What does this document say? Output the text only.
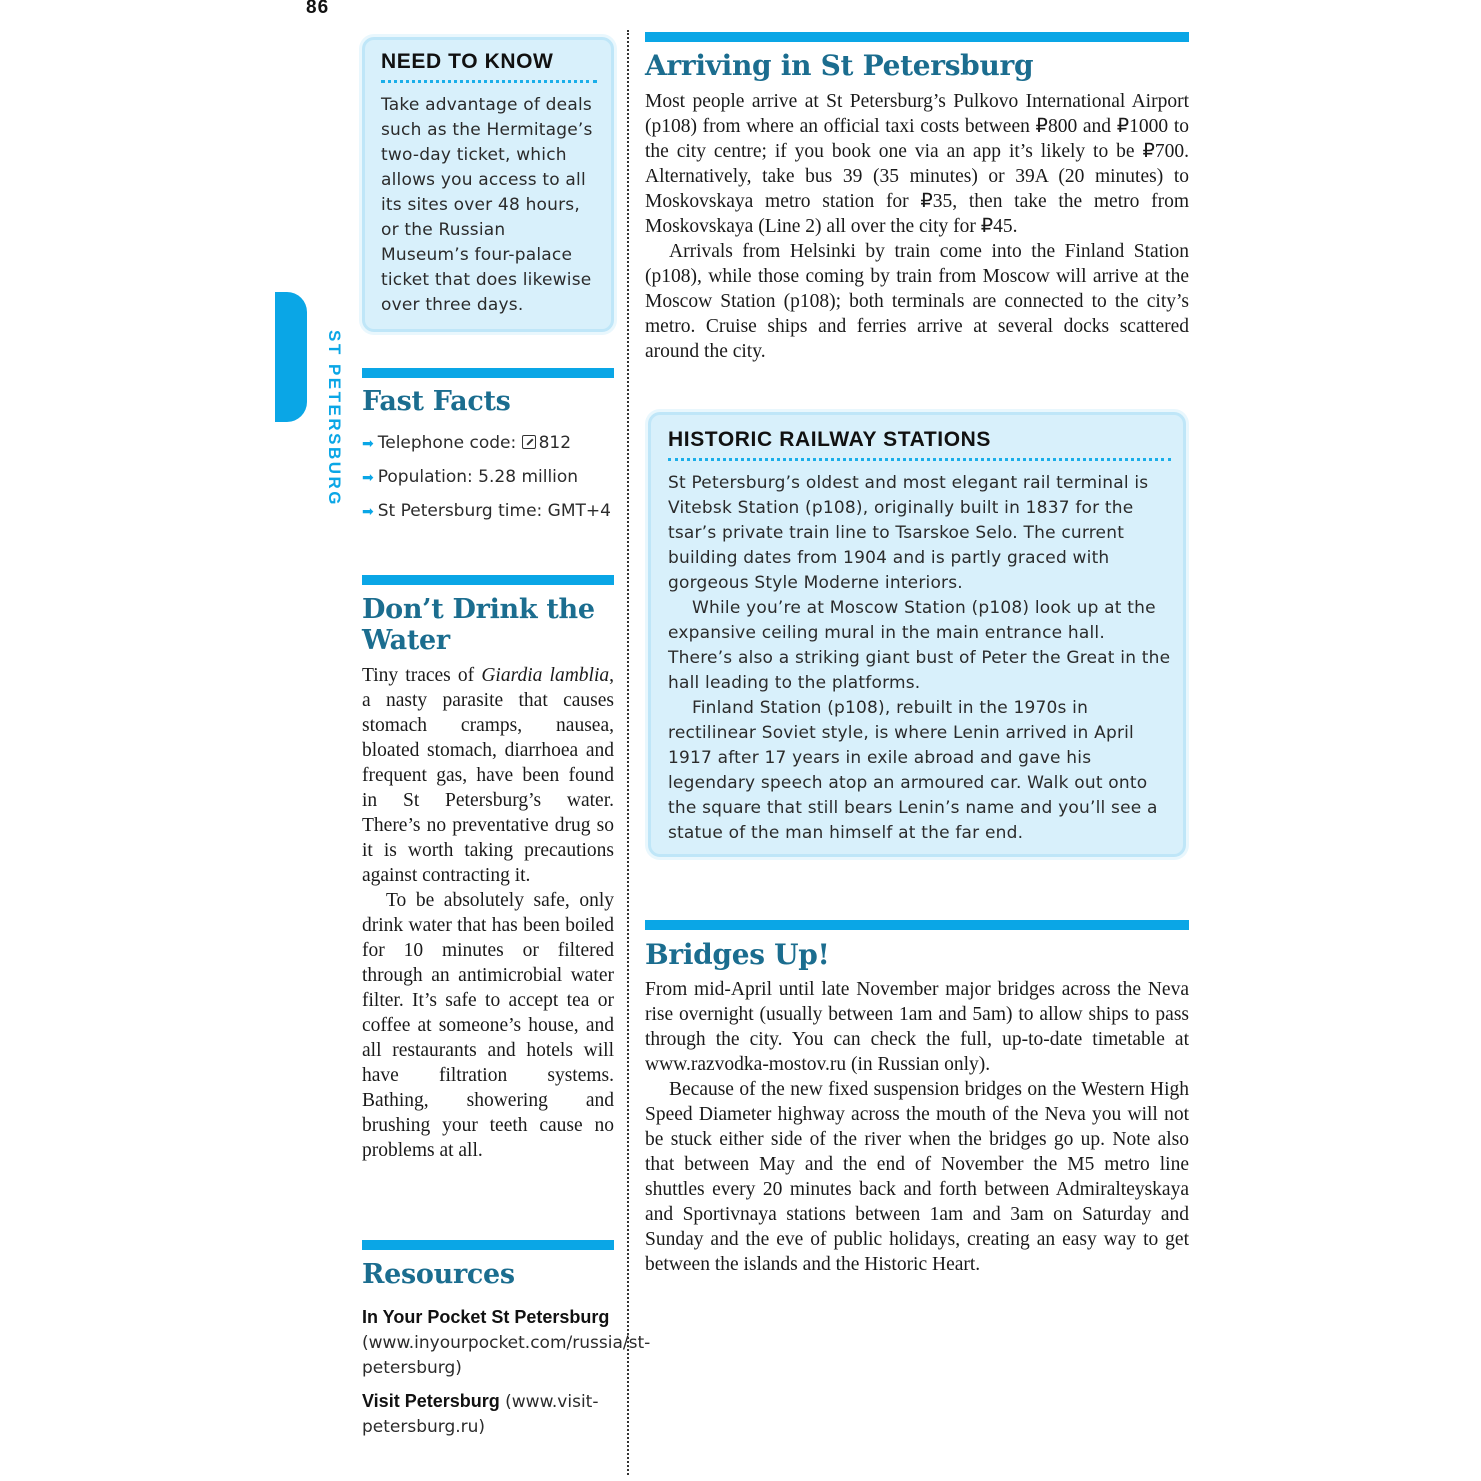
86
ST PETERSBURG
NEED TO KNOW

Take advantage of deals such as the Hermitage’s two-day ticket, which allows you access to all its sites over 48 hours, or the Russian Museum’s four-palace ticket that does likewise over three days.

Fast Facts
➡ Telephone code: 812
➡ Population: 5.28 million
➡ St Petersburg time: GMT+4
Don’t Drink the Water

Tiny traces of Giardia lamblia, a nasty parasite that causes stomach cramps, nausea, bloated stomach, diarrhoea and frequent gas, have been found in St Petersburg’s water. There’s no preventative drug so it is worth taking precautions against contracting it.

To be absolutely safe, only drink water that has been boiled for 10 minutes or filtered through an antimicrobial water filter. It’s safe to accept tea or coffee at someone’s house, and all restaurants and hotels will have filtration systems. Bathing, showering and brushing your teeth cause no problems at all.

Resources
In Your Pocket St Petersburg (www.inyourpocket.com/russia/st-petersburg)
Visit Petersburg (www.visit-petersburg.ru)
Arriving in St Petersburg

Most people arrive at St Petersburg’s Pulkovo International Airport (p108) from where an official taxi costs between ₽800 and ₽1000 to the city centre; if you book one via an app it’s likely to be ₽700. Alternatively, take bus 39 (35 minutes) or 39A (20 minutes) to Moskovskaya metro station for ₽35, then take the metro from Moskovskaya (Line 2) all over the city for ₽45.

Arrivals from Helsinki by train come into the Finland Station (p108), while those coming by train from Moscow will arrive at the Moscow Station (p108); both terminals are connected to the city’s metro. Cruise ships and ferries arrive at several docks scattered around the city.

HISTORIC RAILWAY STATIONS

St Petersburg’s oldest and most elegant rail terminal is Vitebsk Station (p108), originally built in 1837 for the tsar’s private train line to Tsarskoe Selo. The current building dates from 1904 and is partly graced with gorgeous Style Moderne interiors.

While you’re at Moscow Station (p108) look up at the expansive ceiling mural in the main entrance hall. There’s also a striking giant bust of Peter the Great in the hall leading to the platforms.

Finland Station (p108), rebuilt in the 1970s in rectilinear Soviet style, is where Lenin arrived in April 1917 after 17 years in exile abroad and gave his legendary speech atop an armoured car. Walk out onto the square that still bears Lenin’s name and you’ll see a statue of the man himself at the far end.

Bridges Up!

From mid-April until late November major bridges across the Neva rise overnight (usually between 1am and 5am) to allow ships to pass through the city. You can check the full, up-to-date timetable at www.razvodka-mostov.ru (in Russian only).

Because of the new fixed suspension bridges on the Western High Speed Diameter highway across the mouth of the Neva you will not be stuck either side of the river when the bridges go up. Note also that between May and the end of November the M5 metro line shuttles every 20 minutes back and forth between Admiralteyskaya and Sportivnaya stations between 1am and 3am on Saturday and Sunday and the eve of public holidays, creating an easy way to get between the islands and the Historic Heart.
